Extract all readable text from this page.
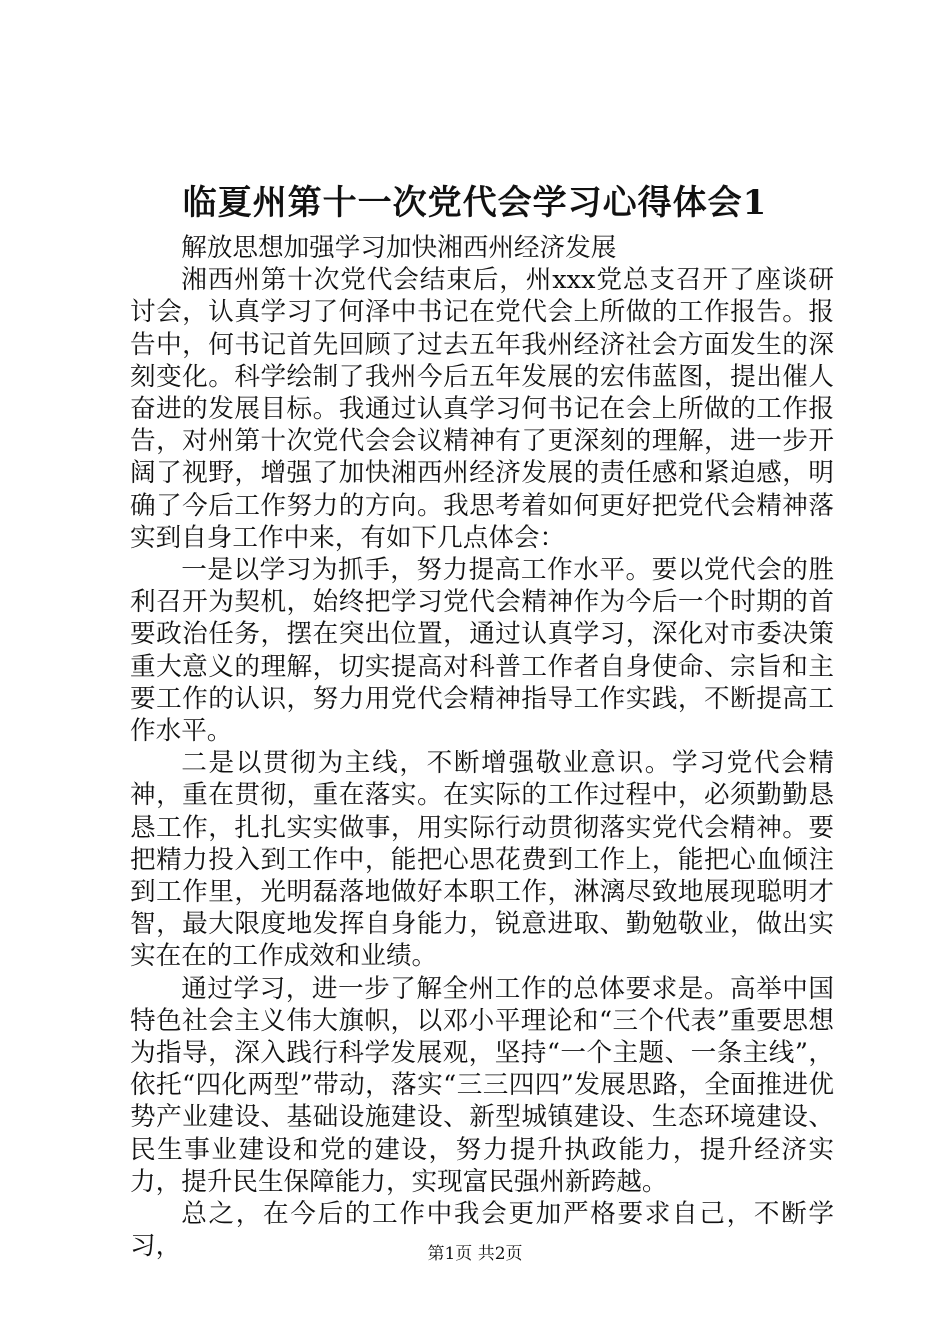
临夏州第十一次党代会学习心得体会1

解放思想加强学习加快湘西州经济发展

湘西州第十次党代会结束后，州xxx党总支召开了座谈研讨会，认真学习了何泽中书记在党代会上所做的工作报告。报告中，何书记首先回顾了过去五年我州经济社会方面发生的深刻变化。科学绘制了我州今后五年发展的宏伟蓝图，提出催人奋进的发展目标。我通过认真学习何书记在会上所做的工作报告，对州第十次党代会会议精神有了更深刻的理解，进一步开阔了视野，增强了加快湘西州经济发展的责任感和紧迫感，明确了今后工作努力的方向。我思考着如何更好把党代会精神落实到自身工作中来，有如下几点体会：

一是以学习为抓手，努力提高工作水平。要以党代会的胜利召开为契机，始终把学习党代会精神作为今后一个时期的首要政治任务，摆在突出位置，通过认真学习，深化对市委决策重大意义的理解，切实提高对科普工作者自身使命、宗旨和主要工作的认识，努力用党代会精神指导工作实践，不断提高工作水平。

二是以贯彻为主线，不断增强敬业意识。学习党代会精神，重在贯彻，重在落实。在实际的工作过程中，必须勤勤恳恳工作，扎扎实实做事，用实际行动贯彻落实党代会精神。要把精力投入到工作中，能把心思花费到工作上，能把心血倾注到工作里，光明磊落地做好本职工作，淋漓尽致地展现聪明才智，最大限度地发挥自身能力，锐意进取、勤勉敬业，做出实实在在的工作成效和业绩。

通过学习，进一步了解全州工作的总体要求是。高举中国特色社会主义伟大旗帜，以邓小平理论和“三个代表”重要思想为指导，深入践行科学发展观，坚持“一个主题、一条主线”，依托“四化两型”带动，落实“三三四四”发展思路，全面推进优势产业建设、基础设施建设、新型城镇建设、生态环境建设、民生事业建设和党的建设，努力提升执政能力，提升经济实力，提升民生保障能力，实现富民强州新跨越。

总之，在今后的工作中我会更加严格要求自己，不断学习，	第1页 共2页
